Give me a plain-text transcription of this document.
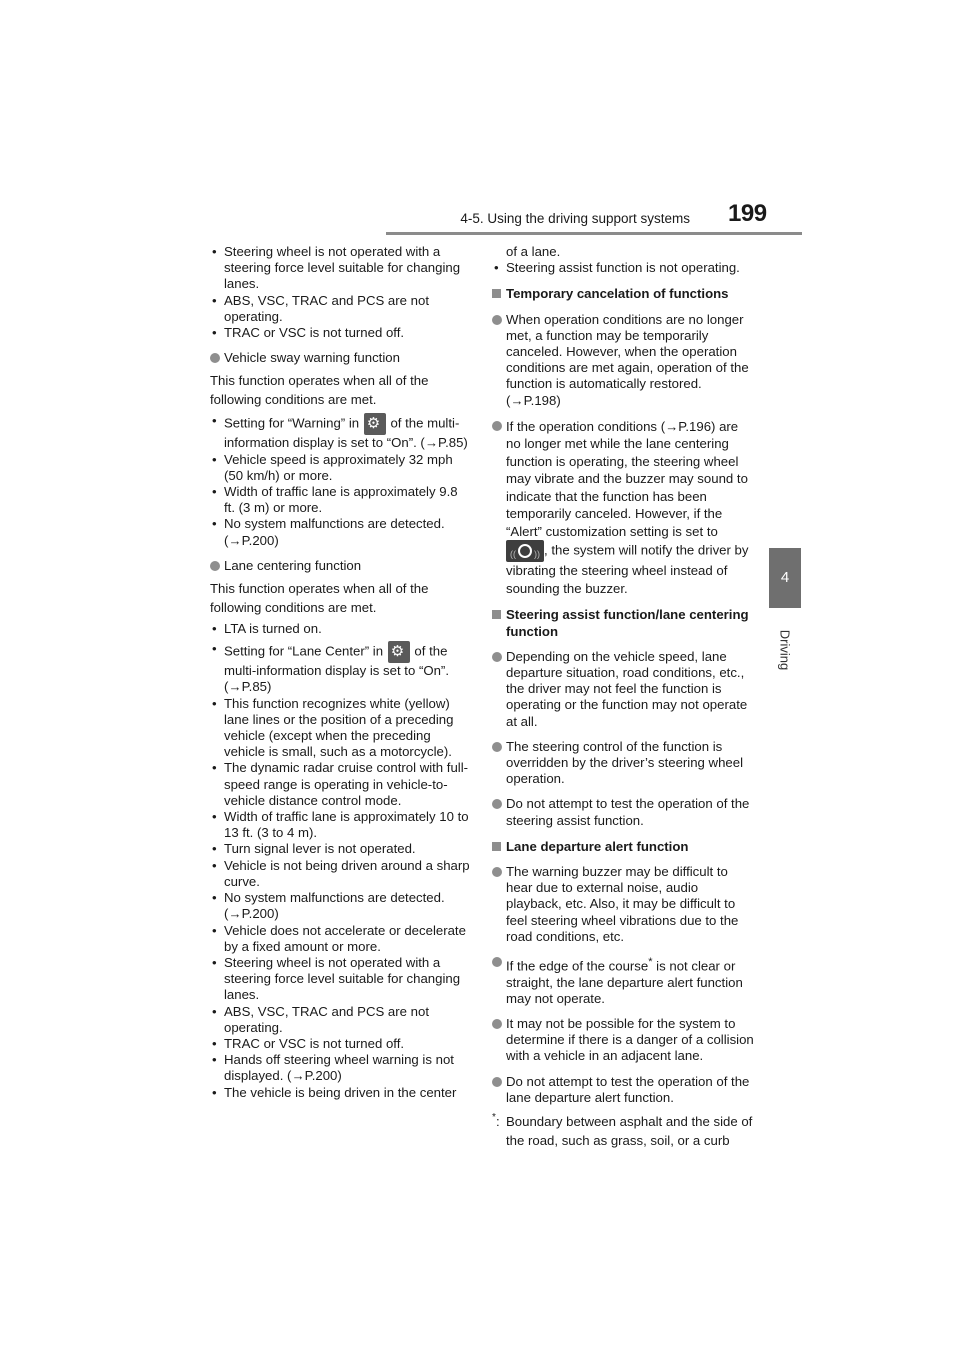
4-5. Using the driving support systems 199
4
Driving

• Steering wheel is not operated with a steering force level suitable for changing lanes.

• ABS, VSC, TRAC and PCS are not operating.

• TRAC or VSC is not turned off.

Vehicle sway warning function

This function operates when all of the following conditions are met.

• Setting for “Warning” in ⚙ of the multi-information display is set to “On”. (→P.85)

• Vehicle speed is approximately 32 mph (50 km/h) or more.

• Width of traffic lane is approximately 9.8 ft. (3 m) or more.

• No system malfunctions are detected. (→P.200)

Lane centering function

This function operates when all of the following conditions are met.

• LTA is turned on.

• Setting for “Lane Center” in ⚙ of the multi-information display is set to “On”. (→P.85)

• This function recognizes white (yellow) lane lines or the position of a preceding vehicle (except when the preceding vehicle is small, such as a motorcycle).

• The dynamic radar cruise control with full-speed range is operating in vehicle-to-vehicle distance control mode.

• Width of traffic lane is approximately 10 to 13 ft. (3 to 4 m).

• Turn signal lever is not operated.

• Vehicle is not being driven around a sharp curve.

• No system malfunctions are detected. (→P.200)

• Vehicle does not accelerate or decelerate by a fixed amount or more.

• Steering wheel is not operated with a steering force level suitable for changing lanes.

• ABS, VSC, TRAC and PCS are not operating.

• TRAC or VSC is not turned off.

• Hands off steering wheel warning is not displayed. (→P.200)

• The vehicle is being driven in the center

of a lane.

• Steering assist function is not operating.

Temporary cancelation of functions

When operation conditions are no longer met, a function may be temporarily canceled. However, when the operation conditions are met again, operation of the function is automatically restored. (→P.198)

If the operation conditions (→P.196) are no longer met while the lane centering function is operating, the steering wheel may vibrate and the buzzer may sound to indicate that the function has been temporarily canceled. However, if the “Alert” customization setting is set to
(( )) , the system will notify the driver by vibrating the steering wheel instead of sounding the buzzer.

Steering assist function/lane centering function

Depending on the vehicle speed, lane departure situation, road conditions, etc., the driver may not feel the function is operating or the function may not operate at all.

The steering control of the function is overridden by the driver’s steering wheel operation.

Do not attempt to test the operation of the steering assist function.

Lane departure alert function

The warning buzzer may be difficult to hear due to external noise, audio playback, etc. Also, it may be difficult to feel steering wheel vibrations due to the road conditions, etc.

If the edge of the course* is not clear or straight, the lane departure alert function may not operate.

It may not be possible for the system to determine if there is a danger of a collision with a vehicle in an adjacent lane.

Do not attempt to test the operation of the lane departure alert function.

* : Boundary between asphalt and the side of the road, such as grass, soil, or a curb
